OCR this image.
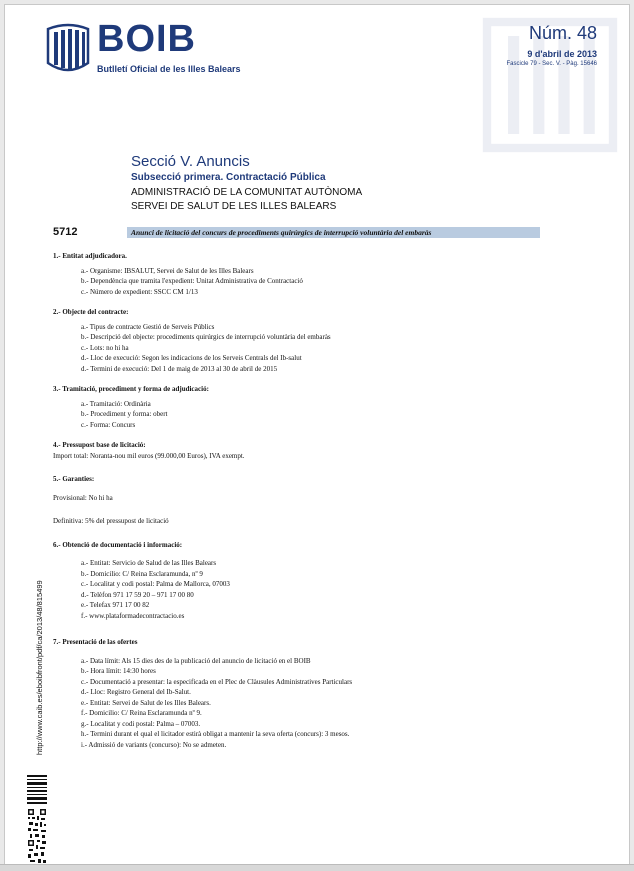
BOIB
Butlletí Oficial de les Illes Balears
Núm. 48
9 d'abril de 2013
Fascicle 79 - Sec. V. - Pàg. 15646
Secció V. Anuncis
Subsecció primera. Contractació Pública
ADMINISTRACIÓ DE LA COMUNITAT AUTÒNOMA
SERVEI DE SALUT DE LES ILLES BALEARS
5712	Anunci de licitació del concurs de procediments quirúrgics de interrupció voluntària del embaràs
1.- Entitat adjudicadora.
a.- Organisme: IBSALUT, Servei de Salut de les Illes Balears
b.- Dependència que tramita l'expedient: Unitat Administrativa de Contractació
c.- Número de expedient: SSCC CM 1/13
2.- Objecte del contracte:
a.- Tipus de contracte Gestió de Serveis Públics
b.- Descripció del objecte: procediments quirúrgics de interrupció voluntària del embaràs
c.- Lots: no hi ha
d.- Lloc de execució: Segon les indicacions de los Serveis Centrals del Ib-salut
d.- Termini de execució: Del 1 de maig de 2013 al 30 de abril de 2015
3.- Tramitació, procediment y forma de adjudicació:
a.- Tramitació: Ordinària
b.- Procediment y forma: obert
c.- Forma: Concurs
4.- Pressupost base de licitació:

Import total: Noranta-nou mil euros (99.000,00 Euros), IVA exempt.

5.- Garanties:

Provisional: No hi ha

Definitiva: 5% del pressupost de licitació

6.- Obtenció de documentació i informació:
a.- Entitat: Servicio de Salud de las Illes Balears
b.- Domicilio: C/ Reina Esclaramunda, nº 9
c.- Localitat y codi postal: Palma de Mallorca, 07003
d.- Telèfon 971 17 59 20 – 971 17 00 80
e.- Telefax 971 17 00 82
f.- www.plataformadecontractacio.es
7.- Presentació de las ofertes
a.- Data límit: Als 15 dies des de la publicació del anuncio de licitació en el BOIB
b.- Hora límit: 14:30 hores
c.- Documentació a presentar: la especificada en el Plec de Clàusules Administratives Particulars
d.- Lloc: Registro General del Ib-Salut.
e.- Entitat: Servei de Salut de les Illes Balears.
f.- Domicilio: C/ Reina Esclaramunda nº 9.
g.- Localitat y codi postal: Palma – 07003.
h.- Termini durant el qual el licitador estirà obligat a mantenir la seva oferta (concurs): 3 mesos.
i.- Admissió de variants (concurso): No se admeten.
http://www.caib.es/eboibfront/pdf/ca/2013/48/815499
